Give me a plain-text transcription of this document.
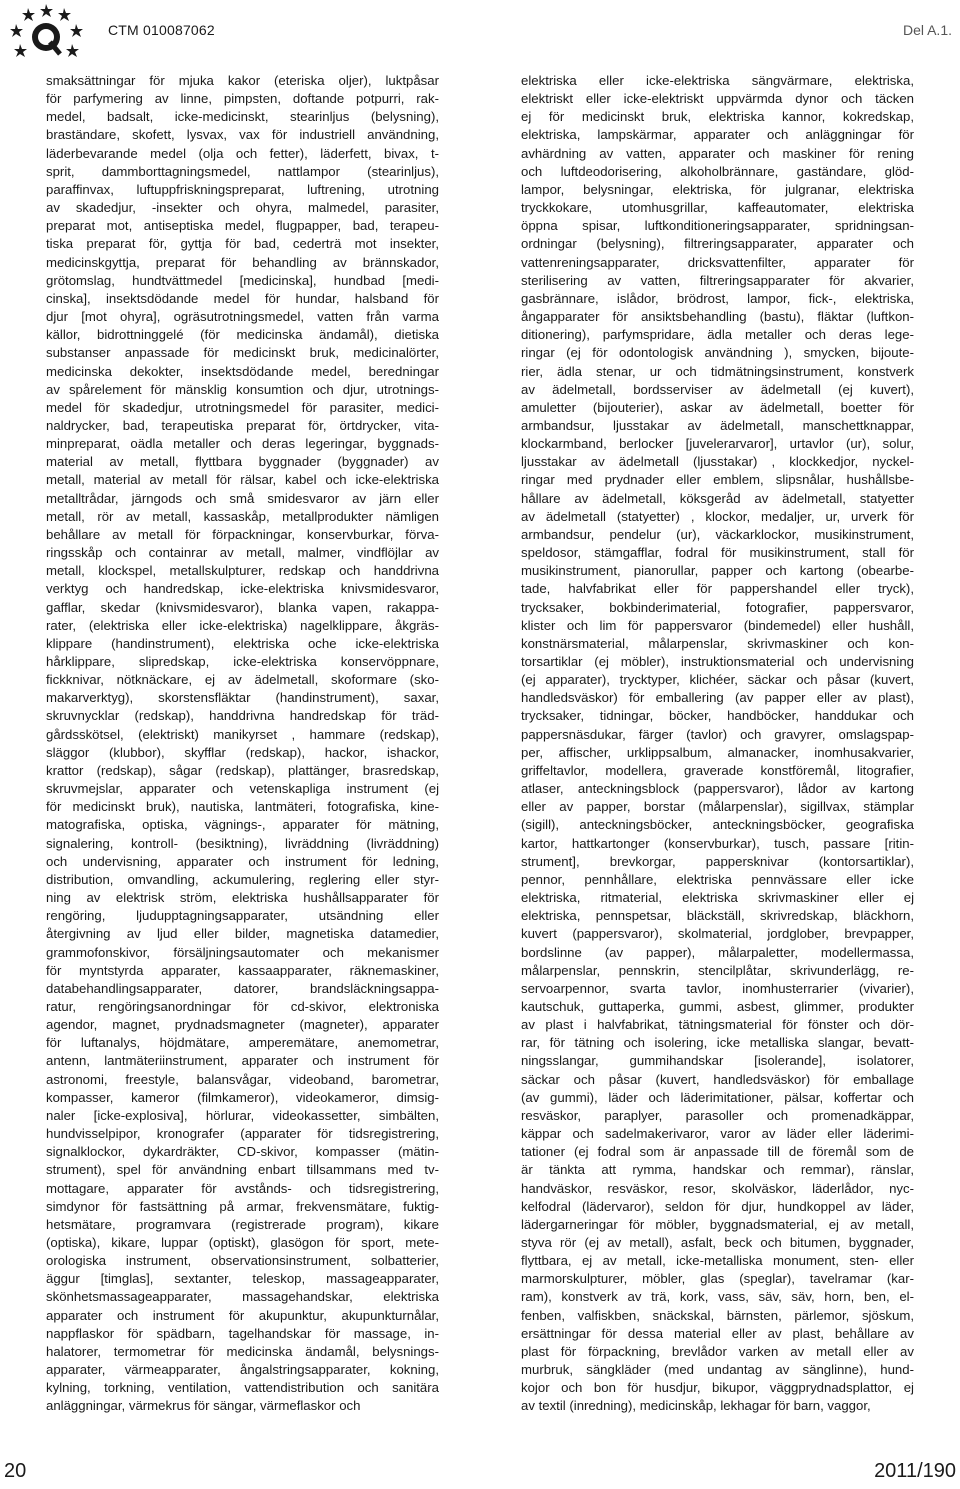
CTM 010087062	Del A.1.
smaksättningar för mjuka kakor (eteriska oljer), luktpåsar
för parfymering av linne, pimpsten, doftande potpurri, rak-
medel, badsalt, icke-medicinskt, stearinljus (belysning),
braständare, skofett, lysvax, vax för industriell användning,
läderbevarande medel (olja och fetter), läderfett, bivax, t-
sprit, dammborttagningsmedel, nattlampor (stearinljus),
paraffinvax, luftuppfriskningspreparat, luftrening, utrotning
av skadedjur, -insekter och ohyra, malmedel, parasiter,
preparat mot, antiseptiska medel, flugpapper, bad, terapeu-
tiska preparat för, gyttja för bad, cederträ mot insekter,
medicinskgyttja, preparat för behandling av brännskador,
grötomslag, hundtvättmedel [medicinska], hundbad [medi-
cinska], insektsdödande medel för hundar, halsband för
djur [mot ohyra], ogräsutrotningsmedel, vatten från varma
källor, bidrottninggelé (för medicinska ändamål), dietiska
substanser anpassade för medicinskt bruk, medicinalörter,
medicinska dekokter, insektsdödande medel, beredningar
av spårelement för mänsklig konsumtion och djur, utrotnings-
medel för skadedjur, utrotningsmedel för parasiter, medici-
naldrycker, bad, terapeutiska preparat för, örtdrycker, vita-
minpreparat, oädla metaller och deras legeringar, byggnads-
material av metall, flyttbara byggnader (byggnader) av
metall, material av metall för rälsar, kabel och icke-elektriska
metalltrådar, järngods och små smidesvaror av järn eller
metall, rör av metall, kassaskåp, metallprodukter nämligen
behållare av metall för förpackningar, konservburkar, förva-
ringsskåp och containrar av metall, malmer, vindflöjlar av
metall, klockspel, metallskulpturer, redskap och handdrivna
verktyg och handredskap, icke-elektriska knivsmidesvaror,
gafflar, skedar (knivsmidesvaror), blanka vapen, rakappa-
rater, (elektriska eller icke-elektriska) nagelklippare, åkgräs-
klippare (handinstrument), elektriska oche icke-elektriska
hårklippare, slipredskap, icke-elektriska konservöppnare,
fickknivar, nötknäckare, ej av ädelmetall, skoformare (sko-
makarverktyg), skorstensfläktar (handinstrument), saxar,
skruvnycklar (redskap), handdrivna handredskap för träd-
gårdsskötsel, (elektriskt) manikyrset , hammare (redskap),
släggor (klubbor), skyfflar (redskap), hackor, ishackor,
krattor (redskap), sågar (redskap), plattänger, brasredskap,
skruvmejslar, apparater och vetenskapliga instrument (ej
för medicinskt bruk), nautiska, lantmäteri, fotografiska, kine-
matografiska, optiska, vägnings-, apparater för mätning,
signalering, kontroll- (besiktning), livräddning (livräddning)
och undervisning, apparater och instrument för ledning,
distribution, omvandling, ackumulering, reglering eller styr-
ning av elektrisk ström, elektriska hushållsapparater för
rengöring, ljudupptagningsapparater, utsändning eller
återgivning av ljud eller bilder, magnetiska datamedier,
grammofonskivor, försäljningsautomater och mekanismer
för myntstyrda apparater, kassaapparater, räknemaskiner,
databehandlingsapparater, datorer, brandsläckningsappa-
ratur, rengöringsanordningar för cd-skivor, elektroniska
agendor, magnet, prydnadsmagneter (magneter), apparater
för luftanalys, höjdmätare, amperemätare, anemometrar,
antenn, lantmäteriinstrument, apparater och instrument för
astronomi, freestyle, balansvågar, videoband, barometrar,
kompasser, kameror (filmkameror), videokameror, dimsig-
naler [icke-explosiva], hörlurar, videokassetter, simbälten,
hundvisselpipor, kronografer (apparater för tidsregistrering,
signalklockor, dykardräkter, CD-skivor, kompasser (mätin-
strument), spel för användning enbart tillsammans med tv-
mottagare, apparater för avstånds- och tidsregistrering,
simdynor för fastsättning på armar, frekvensmätare, fuktig-
hetsmätare, programvara (registrerade program), kikare
(optiska), kikare, luppar (optiskt), glasögon för sport, mete-
orologiska instrument, observationsinstrument, solbatterier,
äggur [timglas], sextanter, teleskop, massageapparater,
skönhetsmassageapparater, massagehandskar, elektriska
apparater och instrument för akupunktur, akupunkturnålar,
nappflaskor för spädbarn, tagelhandskar för massage, in-
halatorer, termometrar för medicinska ändamål, belysnings-
apparater, värmeapparater, ångalstringsapparater, kokning,
kylning, torkning, ventilation, vattendistribution och sanitära
anläggningar, värmekrus för sängar, värmeflaskor och
elektriska eller icke-elektriska sängvärmare, elektriska,
elektriskt eller icke-elektriskt uppvärmda dynor och täcken
ej för medicinskt bruk, elektriska kannor, kokredskap,
elektriska, lampskärmar, apparater och anläggningar för
avhärdning av vatten, apparater och maskiner för rening
och luftdeodorisering, alkoholbrännare, gaständare, glöd-
lampor, belysningar, elektriska, för julgranar, elektriska
tryckkokare, utomhusgrillar, kaffeautomater, elektriska
öppna spisar, luftkonditioneringsapparater, spridningsan-
ordningar (belysning), filtreringsapparater, apparater och
vattenreningsapparater, dricksvattenfilter, apparater för
sterilisering av vatten, filtreringsapparater för akvarier,
gasbrännare, islådor, brödrost, lampor, fick-, elektriska,
ångapparater för ansiktsbehandling (bastu), fläktar (luftkon-
ditionering), parfymspridare, ädla metaller och deras lege-
ringar (ej för odontologisk användning ), smycken, bijoute-
rier, ädla stenar, ur och tidmätningsinstrument, konstverk
av ädelmetall, bordsserviser av ädelmetall (ej kuvert),
amuletter (bijouterier), askar av ädelmetall, boetter för
armbandsur, ljusstakar av ädelmetall, manschettknappar,
klockarmband, berlocker [juvelerarvaror], urtavlor (ur), solur,
ljusstakar av ädelmetall (ljusstakar) , klockkedjor, nyckel-
ringar med prydnader eller emblem, slipsnålar, hushållsbe-
hållare av ädelmetall, köksgeråd av ädelmetall, statyetter
av ädelmetall (statyetter) , klockor, medaljer, ur, urverk för
armbandsur, pendelur (ur), väckarklockor, musikinstrument,
speldosor, stämgafflar, fodral för musikinstrument, stall för
musikinstrument, pianorullar, papper och kartong (obearbe-
tade, halvfabrikat eller för pappershandel eller tryck),
trycksaker, bokbinderimaterial, fotografier, pappersvaror,
klister och lim för pappersvaror (bindemedel) eller hushåll,
konstnärsmaterial, målarpenslar, skrivmaskiner och kon-
torsartiklar (ej möbler), instruktionsmaterial och undervisning
(ej apparater), trycktyper, klichéer, säckar och påsar (kuvert,
handledsväskor) för emballering (av papper eller av plast),
trycksaker, tidningar, böcker, handböcker, handdukar och
pappersnäsdukar, färger (tavlor) och gravyrer, omslagspap-
per, affischer, urklippsalbum, almanacker, inomhusakvarier,
griffeltavlor, modellera, graverade konstföremål, litografier,
atlaser, anteckningsblock (pappersvaror), lådor av kartong
eller av papper, borstar (målarpenslar), sigillvax, stämplar
(sigill), anteckningsböcker, anteckningsböcker, geografiska
kartor, hattkartonger (konservburkar), tusch, passare [ritin-
strument], brevkorgar, pappersknivar (kontorsartiklar),
pennor, pennhållare, elektriska pennvässare eller icke
elektriska, ritmaterial, elektriska skrivmaskiner eller ej
elektriska, pennspetsar, bläckställ, skrivredskap, bläckhorn,
kuvert (pappersvaror), skolmaterial, jordglober, brevpapper,
bordslinne (av papper), målarpaletter, modellermassa,
målarpenslar, pennskrin, stencilplåtar, skrivunderlägg, re-
servoarpennor, svarta tavlor, inomhusterrarier (vivarier),
kautschuk, guttaperka, gummi, asbest, glimmer, produkter
av plast i halvfabrikat, tätningsmaterial för fönster och dör-
rar, för tätning och isolering, icke metalliska slangar, bevatt-
ningsslangar, gummihandskar [isolerande], isolatorer,
säckar och påsar (kuvert, handledsväskor) för emballage
(av gummi), läder och läderimitationer, pälsar, koffertar och
resväskor, paraplyer, parasoller och promenadkäppar,
käppar och sadelmakerivaror, varor av läder eller läderimi-
tationer (ej fodral som är anpassade till de föremål som de
är tänkta att rymma, handskar och remmar), ränslar,
handväskor, resväskor, resor, skolväskor, läderlådor, nyc-
kelfodral (lädervaror), seldon för djur, hundkoppel av läder,
lädergarneringar för möbler, byggnadsmaterial, ej av metall,
styva rör (ej av metall), asfalt, beck och bitumen, byggnader,
flyttbara, ej av metall, icke-metalliska monument, sten- eller
marmorskulpturer, möbler, glas (speglar), tavelramar (kar-
ram), konstverk av trä, kork, vass, säv, säv, horn, ben, el-
fenben, valfiskben, snäckskal, bärnsten, pärlemor, sjöskum,
ersättningar för dessa material eller av plast, behållare av
plast för förpackning, brevlådor varken av metall eller av
murbruk, sängkläder (med undantag av sänglinne), hund-
kojor och bon för husdjur, bikupor, väggprydnadsplattor, ej
av textil (inredning), medicinskåp, lekhagar för barn, vaggor,
20	2011/190
